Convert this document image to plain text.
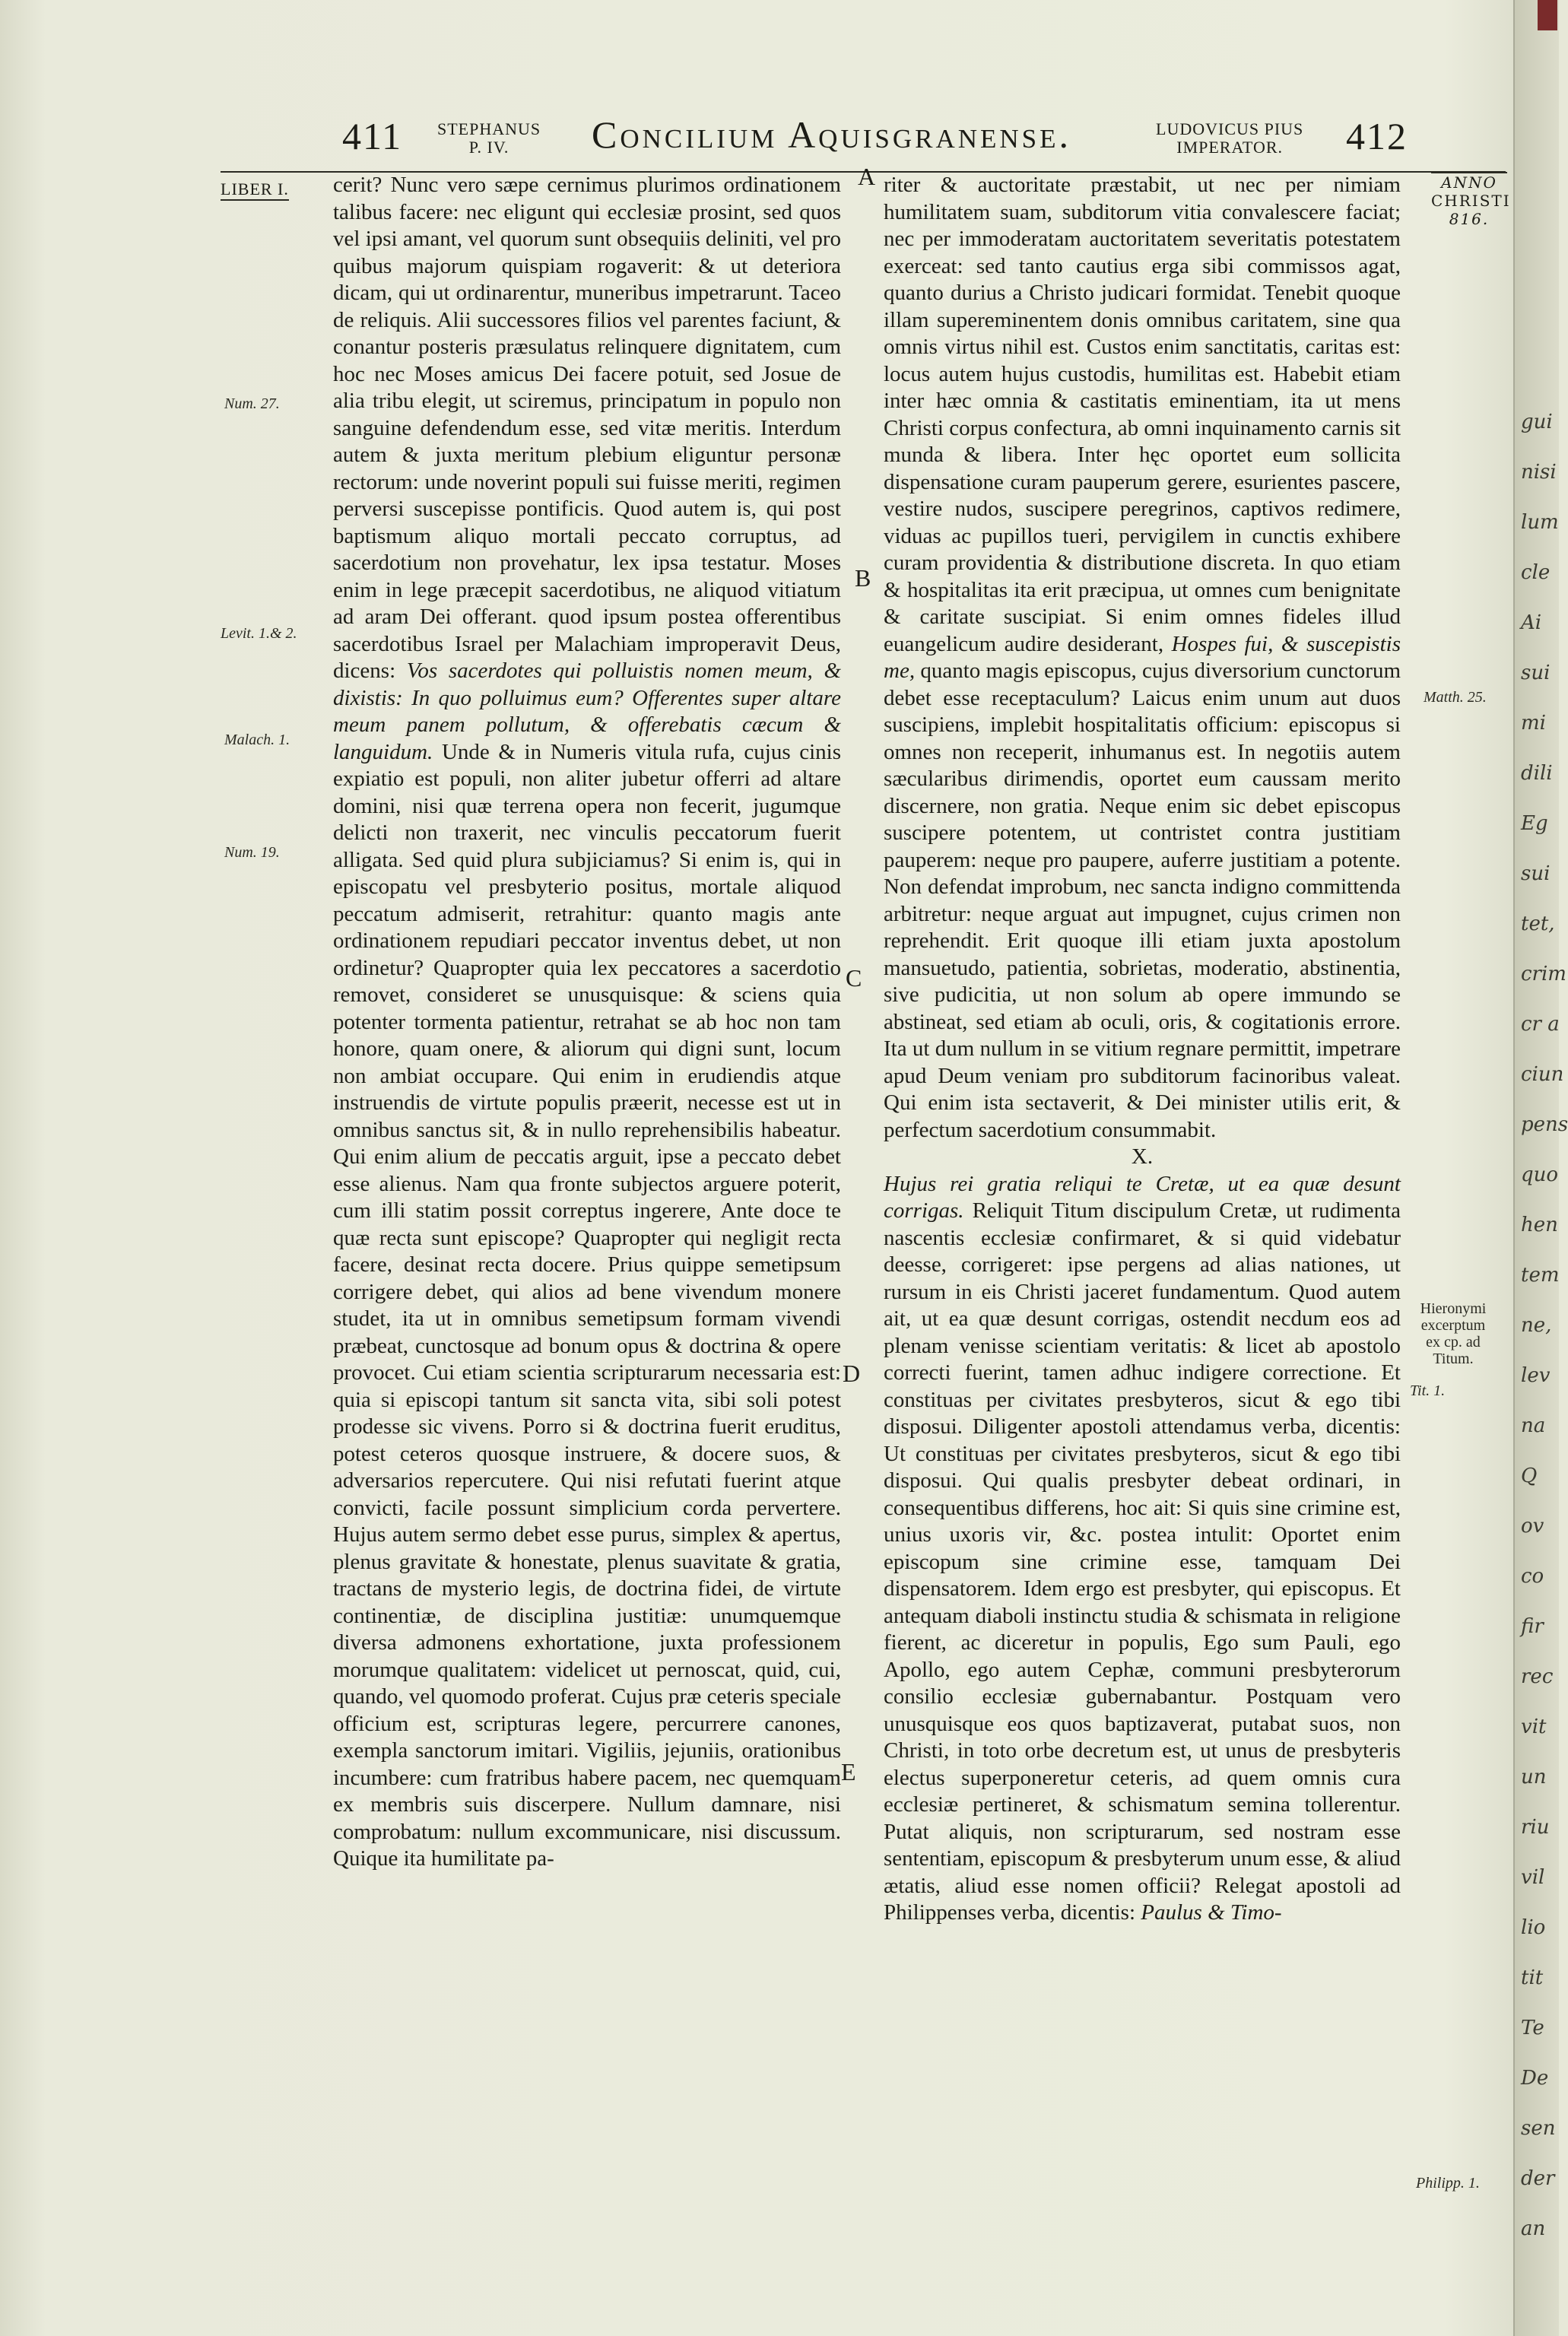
411 STEPHANUS
P. IV.	Concilium Aquisgranense.	LUDOVICUS PIUS
IMPERATOR.	412
LIBER I.
Num. 27.
Levit. 1.& 2.
Malach. 1.
Num. 19.
A
B
C
D
E

cerit? Nunc vero sæpe cernimus plurimos ordinationem talibus facere: nec eligunt qui ecclesiæ prosint, sed quos vel ipsi amant, vel quorum sunt obsequiis deliniti, vel pro quibus majorum quispiam rogaverit: & ut deteriora dicam, qui ut ordinarentur, muneribus impetrarunt. Taceo de reliquis. Alii successores filios vel parentes faciunt, & conantur posteris præsulatus relinquere dignitatem, cum hoc nec Moses amicus Dei facere potuit, sed Josue de alia tribu elegit, ut sciremus, principatum in populo non sanguine defendendum esse, sed vitæ meritis. Interdum autem & juxta meritum plebium eliguntur personæ rectorum: unde noverint populi sui fuisse meriti, regimen perversi suscepisse pontificis. Quod autem is, qui post baptismum aliquo mortali peccato corruptus, ad sacerdotium non provehatur, lex ipsa testatur. Moses enim in lege præcepit sacerdotibus, ne aliquod vitiatum ad aram Dei offerant. quod ipsum postea offerentibus sacerdotibus Israel per Malachiam improperavit Deus, dicens: Vos sacerdotes qui polluistis nomen meum, & dixistis: In quo polluimus eum? Offerentes super altare meum panem pollutum, & offerebatis cæcum & languidum. Unde & in Numeris vitula rufa, cujus cinis expiatio est populi, non aliter jubetur offerri ad altare domini, nisi quæ terrena opera non fecerit, jugumque delicti non traxerit, nec vinculis peccatorum fuerit alligata. Sed quid plura subjiciamus? Si enim is, qui in episcopatu vel presbyterio positus, mortale aliquod peccatum admiserit, retrahitur: quanto magis ante ordinationem repudiari peccator inventus debet, ut non ordinetur? Quapropter quia lex peccatores a sacerdotio removet, consideret se unusquisque: & sciens quia potenter tormenta patientur, retrahat se ab hoc non tam honore, quam onere, & aliorum qui digni sunt, locum non ambiat occupare. Qui enim in erudiendis atque instruendis de virtute populis præerit, necesse est ut in omnibus sanctus sit, & in nullo reprehensibilis habeatur. Qui enim alium de peccatis arguit, ipse a peccato debet esse alienus. Nam qua fronte subjectos arguere poterit, cum illi statim possit correptus ingerere, Ante doce te quæ recta sunt episcope? Quapropter qui negligit recta facere, desinat recta docere. Prius quippe semetipsum corrigere debet, qui alios ad bene vivendum monere studet, ita ut in omnibus semetipsum formam vivendi præbeat, cunctosque ad bonum opus & doctrina & opere provocet. Cui etiam scientia scripturarum necessaria est: quia si episcopi tantum sit sancta vita, sibi soli potest prodesse sic vivens. Porro si & doctrina fuerit eruditus, potest ceteros quosque instruere, & docere suos, & adversarios repercutere. Qui nisi refutati fuerint atque convicti, facile possunt simplicium corda pervertere. Hujus autem sermo debet esse purus, simplex & apertus, plenus gravitate & honestate, plenus suavitate & gratia, tractans de mysterio legis, de doctrina fidei, de virtute continentiæ, de disciplina justitiæ: unumquemque diversa admonens exhortatione, juxta professionem morumque qualitatem: videlicet ut pernoscat, quid, cui, quando, vel quomodo proferat. Cujus præ ceteris speciale officium est, scripturas legere, percurrere canones, exempla sanctorum imitari. Vigiliis, jejuniis, orationibus incumbere: cum fratribus habere pacem, nec quemquam ex membris suis discerpere. Nullum damnare, nisi comprobatum: nullum excommunicare, nisi discussum. Quique ita humilitate pa-

riter & auctoritate præstabit, ut nec per nimiam humilitatem suam, subditorum vitia convalescere faciat; nec per immoderatam auctoritatem severitatis potestatem exerceat: sed tanto cautius erga sibi commissos agat, quanto durius a Christo judicari formidat. Tenebit quoque illam supereminentem donis omnibus caritatem, sine qua omnis virtus nihil est. Custos enim sanctitatis, caritas est: locus autem hujus custodis, humilitas est. Habebit etiam inter hæc omnia & castitatis eminentiam, ita ut mens Christi corpus confectura, ab omni inquinamento carnis sit munda & libera. Inter hęc oportet eum sollicita dispensatione curam pauperum gerere, esurientes pascere, vestire nudos, suscipere peregrinos, captivos redimere, viduas ac pupillos tueri, pervigilem in cunctis exhibere curam providentia & distributione discreta. In quo etiam & hospitalitas ita erit præcipua, ut omnes cum benignitate & caritate suscipiat. Si enim omnes fideles illud euangelicum audire desiderant, Hospes fui, & suscepistis me, quanto magis episcopus, cujus diversorium cunctorum debet esse receptaculum? Laicus enim unum aut duos suscipiens, implebit hospitalitatis officium: episcopus si omnes non receperit, inhumanus est. In negotiis autem sæcularibus dirimendis, oportet eum caussam merito discernere, non gratia. Neque enim sic debet episcopus suscipere potentem, ut contristet contra justitiam pauperem: neque pro paupere, auferre justitiam a potente. Non defendat improbum, nec sancta indigno committenda arbitretur: neque arguat aut impugnet, cujus crimen non reprehendit. Erit quoque illi etiam juxta apostolum mansuetudo, patientia, sobrietas, moderatio, abstinentia, sive pudicitia, ut non solum ab opere immundo se abstineat, sed etiam ab oculi, oris, & cogitationis errore. Ita ut dum nullum in se vitium regnare permittit, impetrare apud Deum veniam pro subditorum facinoribus valeat. Qui enim ista sectaverit, & Dei minister utilis erit, & perfectum sacerdotium consummabit.

X.

Hujus rei gratia reliqui te Cretæ, ut ea quæ desunt corrigas. Reliquit Titum discipulum Cretæ, ut rudimenta nascentis ecclesiæ confirmaret, & si quid videbatur deesse, corrigeret: ipse pergens ad alias nationes, ut rursum in eis Christi jaceret fundamentum. Quod autem ait, ut ea quæ desunt corrigas, ostendit necdum eos ad plenam venisse scientiam veritatis: & licet ab apostolo correcti fuerint, tamen adhuc indigere correctione. Et constituas per civitates presbyteros, sicut & ego tibi disposui. Diligenter apostoli attendamus verba, dicentis: Ut constituas per civitates presbyteros, sicut & ego tibi disposui. Qui qualis presbyter debeat ordinari, in consequentibus differens, hoc ait: Si quis sine crimine est, unius uxoris vir, &c. postea intulit: Oportet enim episcopum sine crimine esse, tamquam Dei dispensatorem. Idem ergo est presbyter, qui episcopus. Et antequam diaboli instinctu studia & schismata in religione fierent, ac diceretur in populis, Ego sum Pauli, ego Apollo, ego autem Cephæ, communi presbyterorum consilio ecclesiæ gubernabantur. Postquam vero unusquisque eos quos baptizaverat, putabat suos, non Christi, in toto orbe decretum est, ut unus de presbyteris electus superponeretur ceteris, ad quem omnis cura ecclesiæ pertineret, & schismatum semina tollerentur. Putat aliquis, non scripturarum, sed nostram esse sententiam, episcopum & presbyterum unum esse, & aliud ætatis, aliud esse nomen officii? Relegat apostoli ad Philippenses verba, dicentis: Paulus & Timo-

ANNO
CHRISTI
816.
Matth. 25.
Hieronymi
excerptum
ex cp. ad
Titum.
Tit. 1.
Philipp. 1.
gui
nisi
lum
cle
Ai
sui
mi
dili
Eg
sui
tet,
crim
cr a
ciun
pens
quo
hen
tem
ne,
lev
na
Q
ov
co
fir
rec
vit
un
riu
vil
lio
tit
Te
De
sen
der
an
